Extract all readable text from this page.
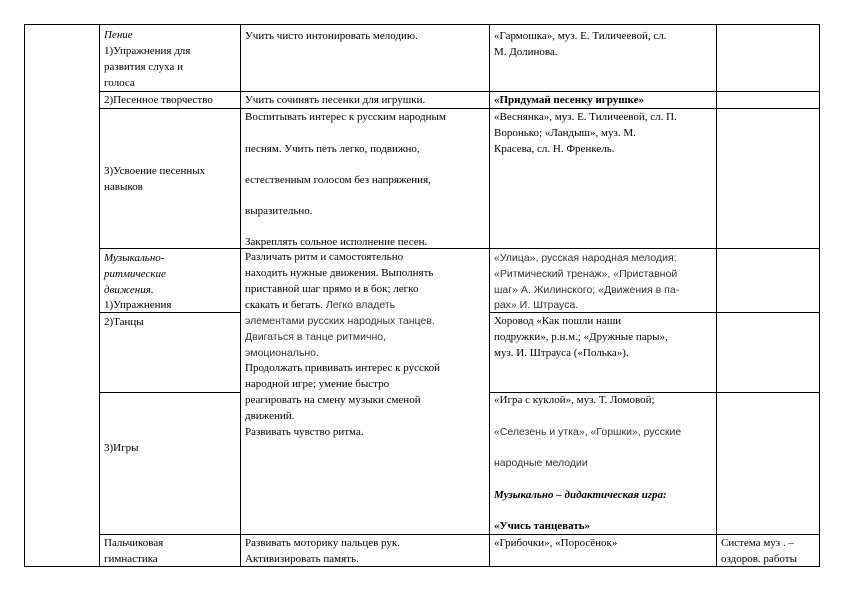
Пение
1)Упражнения для
развития слуха и
голоса
2)Песенное творчество
3)Усвоение песенных
навыков
Музыкально-
ритмические
движения.
1)Упражнения
2)Танцы
3)Игры
Пальчиковая
гимнастика
Учить чисто интонировать мелодию.
Учить сочинять песенки для игрушки.
Воспитывать интерес к русским народным
песням. Учить петь легко, подвижно,
естественным голосом без напряжения,
выразительно.
Закреплять сольное исполнение песен.
Различать ритм и самостоятельно
находить нужные движения. Выполнять
приставной шаг прямо и в бок; легко
скакать и бегать. Легко владеть
элементами русских народных танцев.
Двигаться в танце ритмично,
эмоционально.
Продолжать прививать интерес к русской
народной игре; умение быстро
реагировать на смену музыки сменой
движений.
Развивать чувство ритма.
Развивать моторику пальцев рук.
Активизировать память.
«Гармошка», муз. Е. Тиличеевой, сл.
М. Долинова.
«Придумай песенку игрушке»
«Веснянка», муз. Е. Тиличеевой, сл. П.
Воронько; «Ландыш», муз. М.
Красева, сл. Н. Френкель.
«Улица», русская народная мелодия;
«Ритмический тренаж», «Приставной
шаг» А. Жилинского; «Движения в па-
рах» И. Штрауса.
Хоровод «Как пошли наши
подружки», р.н.м.; «Дружные пары»,
муз. И. Штрауса («Полька»).
«Игра с куклой», муз. Т. Ломовой;
«Селезень и утка», «Горшки», русские
народные мелодии
Музыкально – дидактическая игра:
«Учись танцевать»
«Грибочки», «Поросёнок»	Система муз . –
оздоров. работы
